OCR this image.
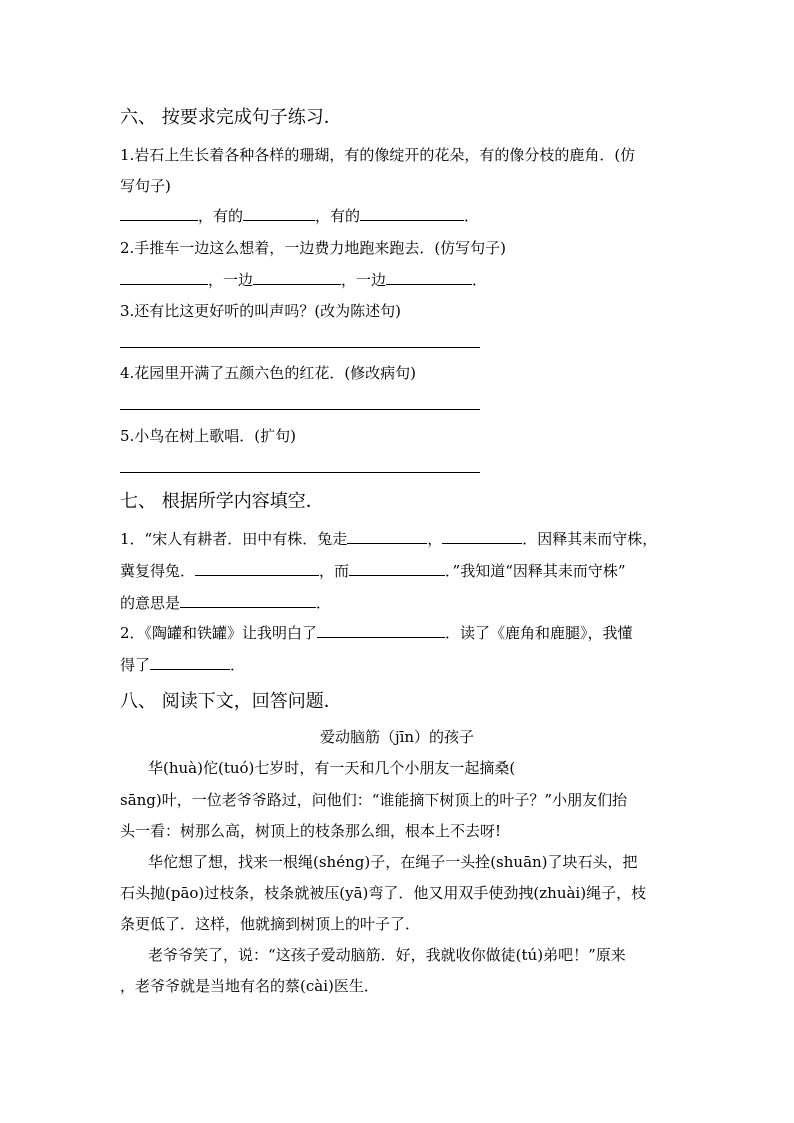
六、 按要求完成句子练习．
1.岩石上生长着各种各样的珊瑚，有的像绽开的花朵，有的像分枝的鹿角．(仿
写句子)
，有的	，有的	．
2.手推车一边这么想着，一边费力地跑来跑去．(仿写句子)
，一边	，一边	．
3.还有比这更好听的叫声吗？(改为陈述句)
4.花园里开满了五颜六色的红花．(修改病句)
5.小鸟在树上歌唱．(扩句)
七、 根据所学内容填空．
1．“宋人有耕者．田中有株．兔走	，	．因释其耒而守株，
冀复得兔．	，而	．”我知道“因释其耒而守株”
的意思是	．
2．《陶罐和铁罐》让我明白了	．读了《鹿角和鹿腿》，我懂
得了	．
八、 阅读下文，回答问题．
爱动脑筋（jīn）的孩子
华(huà)佗(tuó)七岁时，有一天和几个小朋友一起摘桑(
sāng)叶，一位老爷爷路过，问他们：“谁能摘下树顶上的叶子？”小朋友们抬
头一看：树那么高，树顶上的枝条那么细，根本上不去呀!
华佗想了想，找来一根绳(shéng)子，在绳子一头拴(shuān)了块石头，把
石头抛(pāo)过枝条，枝条就被压(yā)弯了．他又用双手使劲拽(zhuài)绳子，枝
条更低了．这样，他就摘到树顶上的叶子了．
老爷爷笑了，说：“这孩子爱动脑筋．好，我就收你做徒(tú)弟吧！”原来
，老爷爷就是当地有名的蔡(cài)医生．
